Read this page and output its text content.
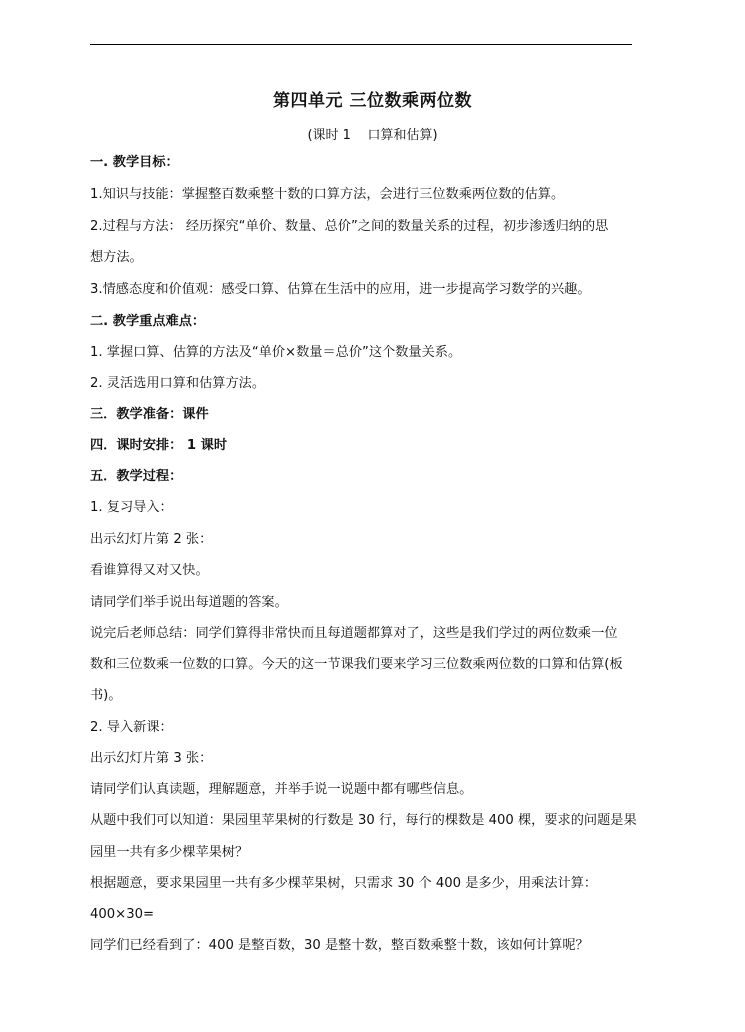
第四单元 三位数乘两位数
(课时 1    口算和估算)
一. 教学目标：
1.知识与技能：掌握整百数乘整十数的口算方法，会进行三位数乘两位数的估算。
2.过程与方法： 经历探究“单价、数量、总价”之间的数量关系的过程，初步渗透归纳的思
想方法。
3.情感态度和价值观：感受口算、估算在生活中的应用，进一步提高学习数学的兴趣。
二. 教学重点难点：
1. 掌握口算、估算的方法及“单价×数量＝总价”这个数量关系。
2. 灵活选用口算和估算方法。
三．教学准备：课件
四．课时安排： 1 课时
五．教学过程：
1. 复习导入：
出示幻灯片第 2 张：
看谁算得又对又快。
请同学们举手说出每道题的答案。
说完后老师总结：同学们算得非常快而且每道题都算对了，这些是我们学过的两位数乘一位
数和三位数乘一位数的口算。今天的这一节课我们要来学习三位数乘两位数的口算和估算(板
书)。
2. 导入新课：
出示幻灯片第 3 张：
请同学们认真读题，理解题意，并举手说一说题中都有哪些信息。
从题中我们可以知道：果园里苹果树的行数是 30 行，每行的棵数是 400 棵，要求的问题是果
园里一共有多少棵苹果树？
根据题意，要求果园里一共有多少棵苹果树，只需求 30 个 400 是多少，用乘法计算：
400×30=
同学们已经看到了：400 是整百数，30 是整十数，整百数乘整十数，该如何计算呢？
